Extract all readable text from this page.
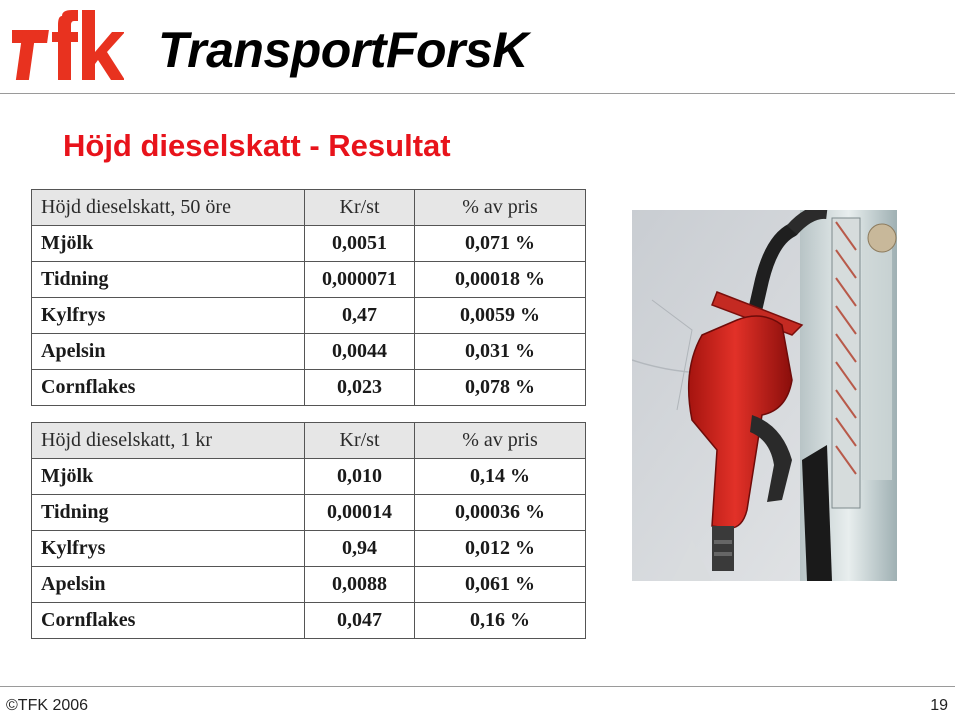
TFK
TransportForsK
Höjd dieselskatt - Resultat
Höjd dieselskatt, 50 öre	Kr/st	% av pris
Mjölk	0,0051	0,071 %
Tidning	0,000071	0,00018 %
Kylfrys	0,47	0,0059 %
Apelsin	0,0044	0,031 %
Cornflakes	0,023	0,078 %
Höjd dieselskatt, 1 kr	Kr/st	% av pris
Mjölk	0,010	0,14 %
Tidning	0,00014	0,00036 %
Kylfrys	0,94	0,012 %
Apelsin	0,0088	0,061 %
Cornflakes	0,047	0,16 %
©TFK 2006	19
